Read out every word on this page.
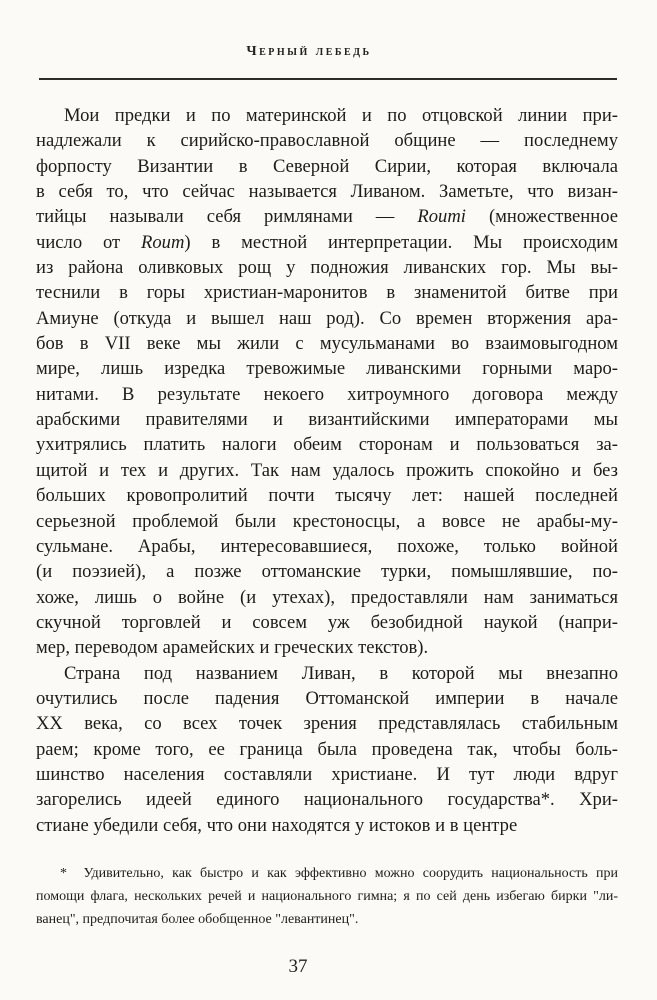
Черный лебедь
Мои предки и по материнской и по отцовской линии при-
надлежали к сирийско-православной общине — последнему
форпосту Византии в Северной Сирии, которая включала
в себя то, что сейчас называется Ливаном. Заметьте, что визан-
тийцы называли себя римлянами — Roumi (множественное
число от Roum) в местной интерпретации. Мы происходим
из района оливковых рощ у подножия ливанских гор. Мы вы-
теснили в горы христиан-маронитов в знаменитой битве при
Амиуне (откуда и вышел наш род). Со времен вторжения ара-
бов в VII веке мы жили с мусульманами во взаимовыгодном
мире, лишь изредка тревожимые ливанскими горными маро-
нитами. В результате некоего хитроумного договора между
арабскими правителями и византийскими императорами мы
ухитрялись платить налоги обеим сторонам и пользоваться за-
щитой и тех и других. Так нам удалось прожить спокойно и без
больших кровопролитий почти тысячу лет: нашей последней
серьезной проблемой были крестоносцы, а вовсе не арабы-му-
сульмане. Арабы, интересовавшиеся, похоже, только войной
(и поэзией), а позже оттоманские турки, помышлявшие, по-
хоже, лишь о войне (и утехах), предоставляли нам заниматься
скучной торговлей и совсем уж безобидной наукой (напри-
мер, переводом арамейских и греческих текстов).
Страна под названием Ливан, в которой мы внезапно
очутились после падения Оттоманской империи в начале
XX века, со всех точек зрения представлялась стабильным
раем; кроме того, ее граница была проведена так, чтобы боль-
шинство населения составляли христиане. И тут люди вдруг
загорелись идеей единого национального государства*. Хри-
стиане убедили себя, что они находятся у истоков и в центре
*  Удивительно, как быстро и как эффективно можно соорудить национальность при
помощи флага, нескольких речей и национального гимна; я по сей день избегаю бирки "ли-
ванец", предпочитая более обобщенное "левантинец".
37
